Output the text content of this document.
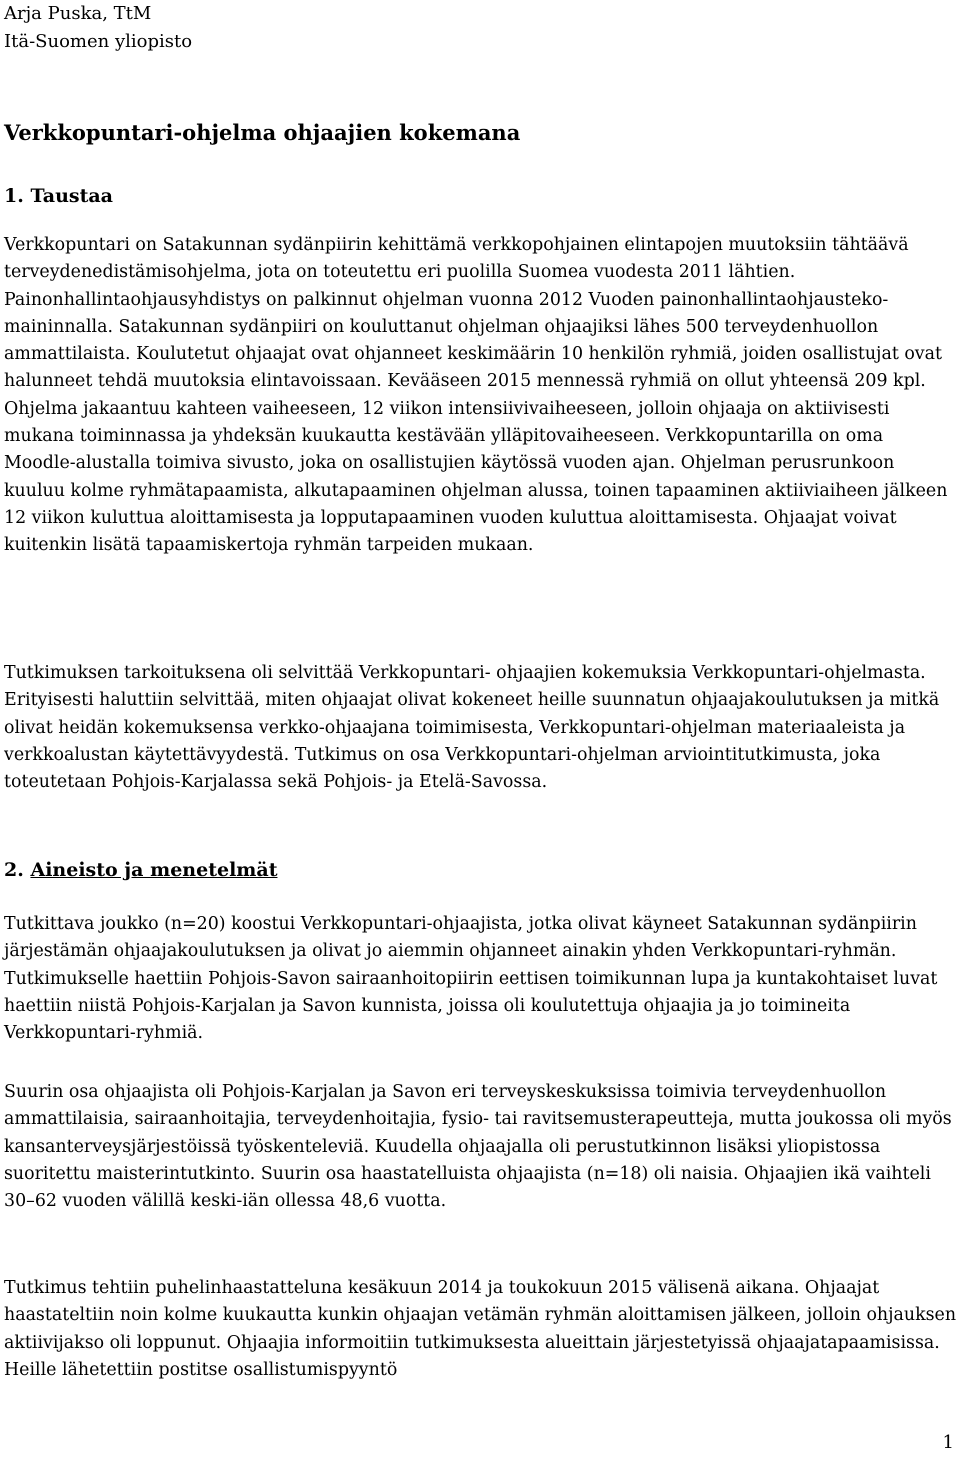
Arja Puska, TtM
Itä-Suomen yliopisto
Verkkopuntari-ohjelma ohjaajien kokemana
1. Taustaa

Verkkopuntari on Satakunnan sydänpiirin kehittämä verkkopohjainen elintapojen muutoksiin tähtäävä terveydenedistämisohjelma, jota on toteutettu eri puolilla Suomea vuodesta 2011 lähtien. Painonhallintaohjausyhdistys on palkinnut ohjelman vuonna 2012 Vuoden painonhallintaohjausteko-maininnalla. Satakunnan sydänpiiri on kouluttanut ohjelman ohjaajiksi lähes 500 terveydenhuollon ammattilaista. Koulutetut ohjaajat ovat ohjanneet keskimäärin 10 henkilön ryhmiä, joiden osallistujat ovat halunneet tehdä muutoksia elintavoissaan. Kevääseen 2015 mennessä ryhmiä on ollut yhteensä 209 kpl. Ohjelma jakaantuu kahteen vaiheeseen, 12 viikon intensiivivaiheeseen, jolloin ohjaaja on aktiivisesti mukana toiminnassa ja yhdeksän kuukautta kestävään ylläpitovaiheeseen. Verkkopuntarilla on oma Moodle-alustalla toimiva sivusto, joka on osallistujien käytössä vuoden ajan. Ohjelman perusrunkoon kuuluu kolme ryhmätapaamista, alkutapaaminen ohjelman alussa, toinen tapaaminen aktiiviaiheen jälkeen 12 viikon kuluttua aloittamisesta ja lopputapaaminen vuoden kuluttua aloittamisesta. Ohjaajat voivat kuitenkin lisätä tapaamiskertoja ryhmän tarpeiden mukaan.

Tutkimuksen tarkoituksena oli selvittää Verkkopuntari- ohjaajien kokemuksia Verkkopuntari-ohjelmasta. Erityisesti haluttiin selvittää, miten ohjaajat olivat kokeneet heille suunnatun ohjaajakoulutuksen ja mitkä olivat heidän kokemuksensa verkko-ohjaajana toimimisesta, Verkkopuntari-ohjelman materiaaleista ja verkkoalustan käytettävyydestä. Tutkimus on osa Verkkopuntari-ohjelman arviointitutkimusta, joka toteutetaan Pohjois-Karjalassa sekä Pohjois- ja Etelä-Savossa.

2. Aineisto ja menetelmät

Tutkittava joukko (n=20) koostui Verkkopuntari-ohjaajista, jotka olivat käyneet Satakunnan sydänpiirin järjestämän ohjaajakoulutuksen ja olivat jo aiemmin ohjanneet ainakin yhden Verkkopuntari-ryhmän. Tutkimukselle haettiin Pohjois-Savon sairaanhoitopiirin eettisen toimikunnan lupa ja kuntakohtaiset luvat haettiin niistä Pohjois-Karjalan ja Savon kunnista, joissa oli koulutettuja ohjaajia ja jo toimineita Verkkopuntari-ryhmiä.

Suurin osa ohjaajista oli Pohjois-Karjalan ja Savon eri terveyskeskuksissa toimivia terveydenhuollon ammattilaisia, sairaanhoitajia, terveydenhoitajia, fysio- tai ravitsemusterapeutteja, mutta joukossa oli myös kansanterveysjärjestöissä työskenteleviä. Kuudella ohjaajalla oli perustutkinnon lisäksi yliopistossa suoritettu maisterintutkinto. Suurin osa haastatelluista ohjaajista (n=18) oli naisia. Ohjaajien ikä vaihteli 30–62 vuoden välillä keski-iän ollessa 48,6 vuotta.

Tutkimus tehtiin puhelinhaastatteluna kesäkuun 2014 ja toukokuun 2015 välisenä aikana. Ohjaajat haastateltiin noin kolme kuukautta kunkin ohjaajan vetämän ryhmän aloittamisen jälkeen, jolloin ohjauksen aktiivijakso oli loppunut. Ohjaajia informoitiin tutkimuksesta alueittain järjestetyissä ohjaajatapaamisissa. Heille lähetettiin postitse osallistumispyyntö

1
